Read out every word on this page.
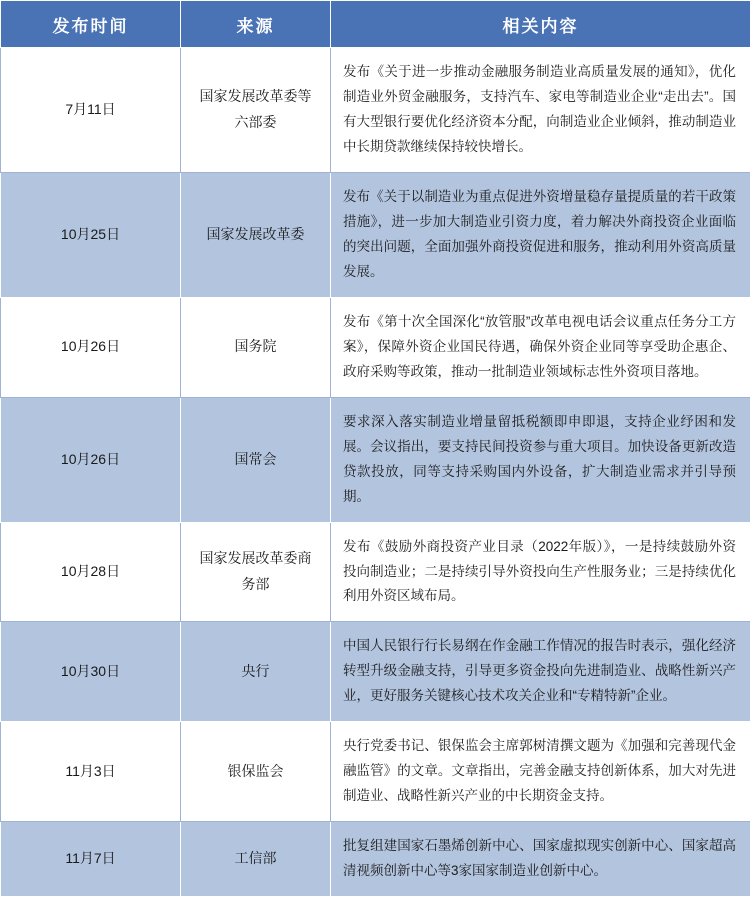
发布时间	来源	相关内容
7月11日	国家发展改革委等六部委	发布《关于进一步推动金融服务制造业高质量发展的通知》，优化制造业外贸金融服务，支持汽车、家电等制造业企业“走出去”。国有大型银行要优化经济资本分配，向制造业企业倾斜，推动制造业中长期贷款继续保持较快增长。
10月25日	国家发展改革委	发布《关于以制造业为重点促进外资增量稳存量提质量的若干政策措施》，进一步加大制造业引资力度，着力解决外商投资企业面临的突出问题，全面加强外商投资促进和服务，推动利用外资高质量发展。
10月26日	国务院	发布《第十次全国深化“放管服”改革电视电话会议重点任务分工方案》，保障外资企业国民待遇，确保外资企业同等享受助企惠企、政府采购等政策，推动一批制造业领域标志性外资项目落地。
10月26日	国常会	要求深入落实制造业增量留抵税额即申即退，支持企业纾困和发展。会议指出，要支持民间投资参与重大项目。加快设备更新改造贷款投放，同等支持采购国内外设备，扩大制造业需求并引导预期。
10月28日	国家发展改革委商务部	发布《鼓励外商投资产业目录（2022年版）》，一是持续鼓励外资投向制造业；二是持续引导外资投向生产性服务业；三是持续优化利用外资区域布局。
10月30日	央行	中国人民银行行长易纲在作金融工作情况的报告时表示，强化经济转型升级金融支持，引导更多资金投向先进制造业、战略性新兴产业，更好服务关键核心技术攻关企业和“专精特新”企业。
11月3日	银保监会	央行党委书记、银保监会主席郭树清撰文题为《加强和完善现代金融监管》的文章。文章指出，完善金融支持创新体系，加大对先进制造业、战略性新兴产业的中长期资金支持。
11月7日	工信部	批复组建国家石墨烯创新中心、国家虚拟现实创新中心、国家超高清视频创新中心等3家国家制造业创新中心。
